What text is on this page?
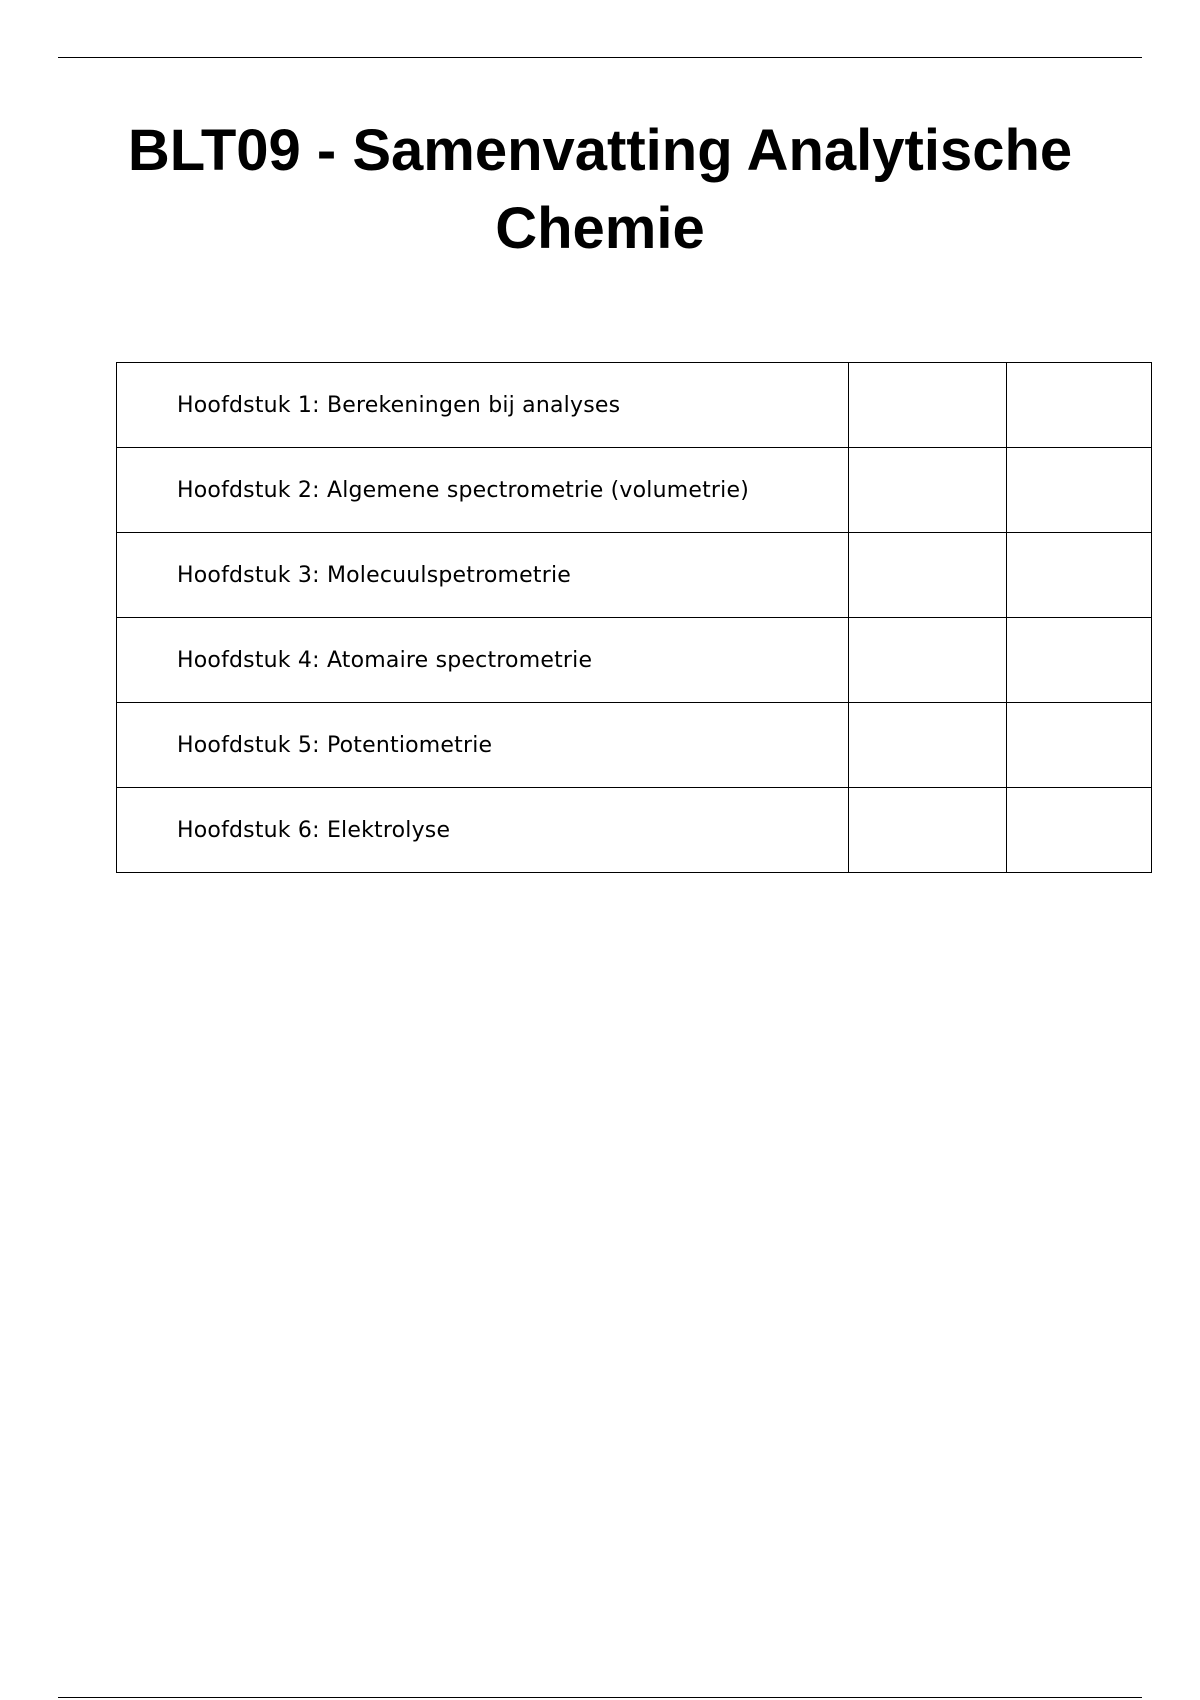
BLT09 - Samenvatting Analytische Chemie
Hoofdstuk 1: Berekeningen bij analyses		
Hoofdstuk 2: Algemene spectrometrie (volumetrie)		
Hoofdstuk 3: Molecuulspetrometrie		
Hoofdstuk 4: Atomaire spectrometrie		
Hoofdstuk 5: Potentiometrie		
Hoofdstuk 6: Elektrolyse		
